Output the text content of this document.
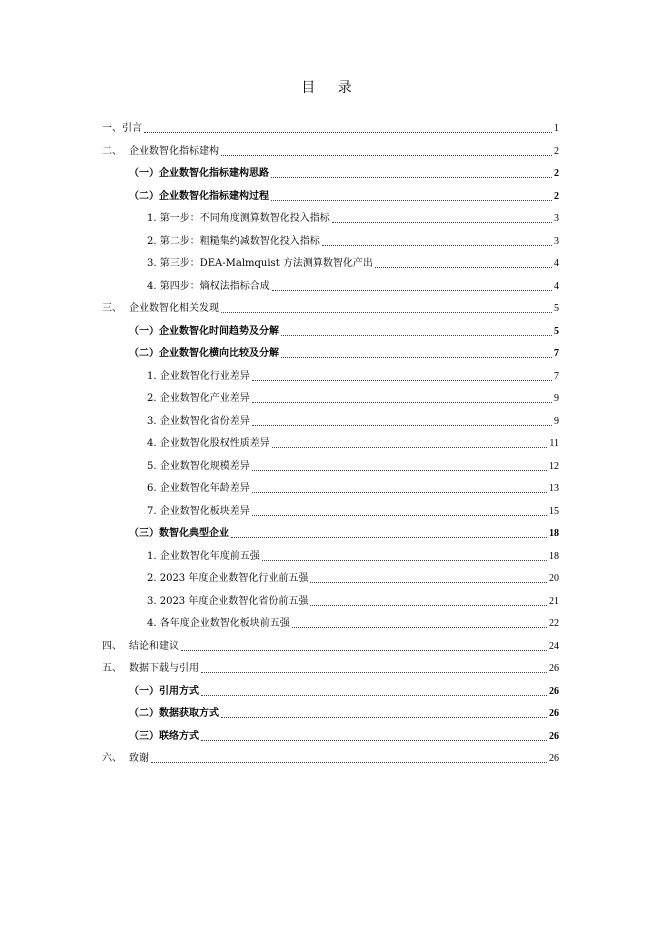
目 录
一、引言	1
二、 企业数智化指标建构	2
（一）企业数智化指标建构思路	2
（二）企业数智化指标建构过程	2
1. 第一步：不同角度测算数智化投入指标	3
2. 第二步：粗糙集约减数智化投入指标	3
3. 第三步：DEA-Malmquist 方法测算数智化产出	4
4. 第四步：熵权法指标合成	4
三、 企业数智化相关发现	5
（一）企业数智化时间趋势及分解	5
（二）企业数智化横向比较及分解	7
1. 企业数智化行业差异	7
2. 企业数智化产业差异	9
3. 企业数智化省份差异	9
4. 企业数智化股权性质差异	11
5. 企业数智化规模差异	12
6. 企业数智化年龄差异	13
7. 企业数智化板块差异	15
（三）数智化典型企业	18
1. 企业数智化年度前五强	18
2. 2023 年度企业数智化行业前五强	20
3. 2023 年度企业数智化省份前五强	21
4. 各年度企业数智化板块前五强	22
四、 结论和建议	24
五、 数据下载与引用	26
（一）引用方式	26
（二）数据获取方式	26
（三）联络方式	26
六、 致谢	26
